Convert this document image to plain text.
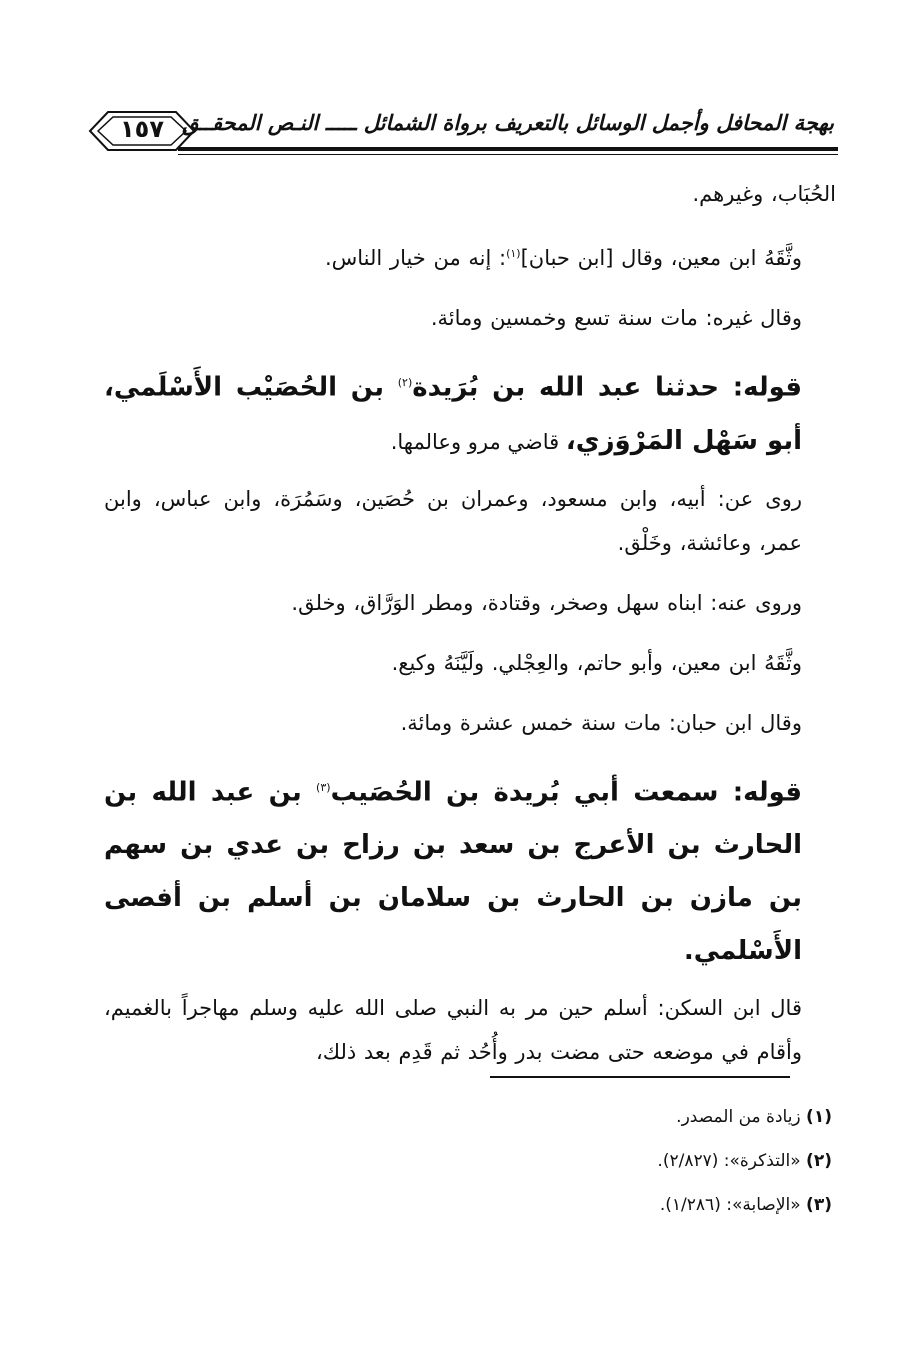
بهجة المحافل وأجمل الوسائل بالتعريف برواة الشمائل ـــــ النـص المحقــق
١٥٧

الحُبَاب، وغيرهم.

وثَّقَهُ ابن معين، وقال [ابن حبان]$^{(١)}$: إنه من خيار الناس.

وقال غيره: مات سنة تسع وخمسين ومائة.

قوله: حدثنا عبد الله بن بُرَيدة$^{(٢)}$ بن الحُصَيْب الأَسْلَمي، أبو سَهْل المَرْوَزي، قاضي مرو وعالمها.

روى عن: أبيه، وابن مسعود، وعمران بن حُصَين، وسَمُرَة، وابن عباس، وابن عمر، وعائشة، وخَلْق.

وروى عنه: ابناه سهل وصخر، وقتادة، ومطر الوَرَّاق، وخلق.

وثَّقَهُ ابن معين، وأبو حاتم، والعِجْلي. ولَيَّنَهُ وكيع.

وقال ابن حبان: مات سنة خمس عشرة ومائة.

قوله: سمعت أبي بُريدة بن الحُصَيب$^{(٣)}$ بن عبد الله بن الحارث بن الأعرج بن سعد بن رزاح بن عدي بن سهم بن مازن بن الحارث بن سلامان بن أسلم بن أفصى الأَسْلمي.

قال ابن السكن: أسلم حين مر به النبي صلى الله عليه وسلم مهاجراً بالغميم، وأقام في موضعه حتى مضت بدر وأُحُد ثم قَدِم بعد ذلك،

(١) زيادة من المصدر.
(٢) «التذكرة»: (٢/٨٢٧).
(٣) «الإصابة»: (١/٢٨٦).
